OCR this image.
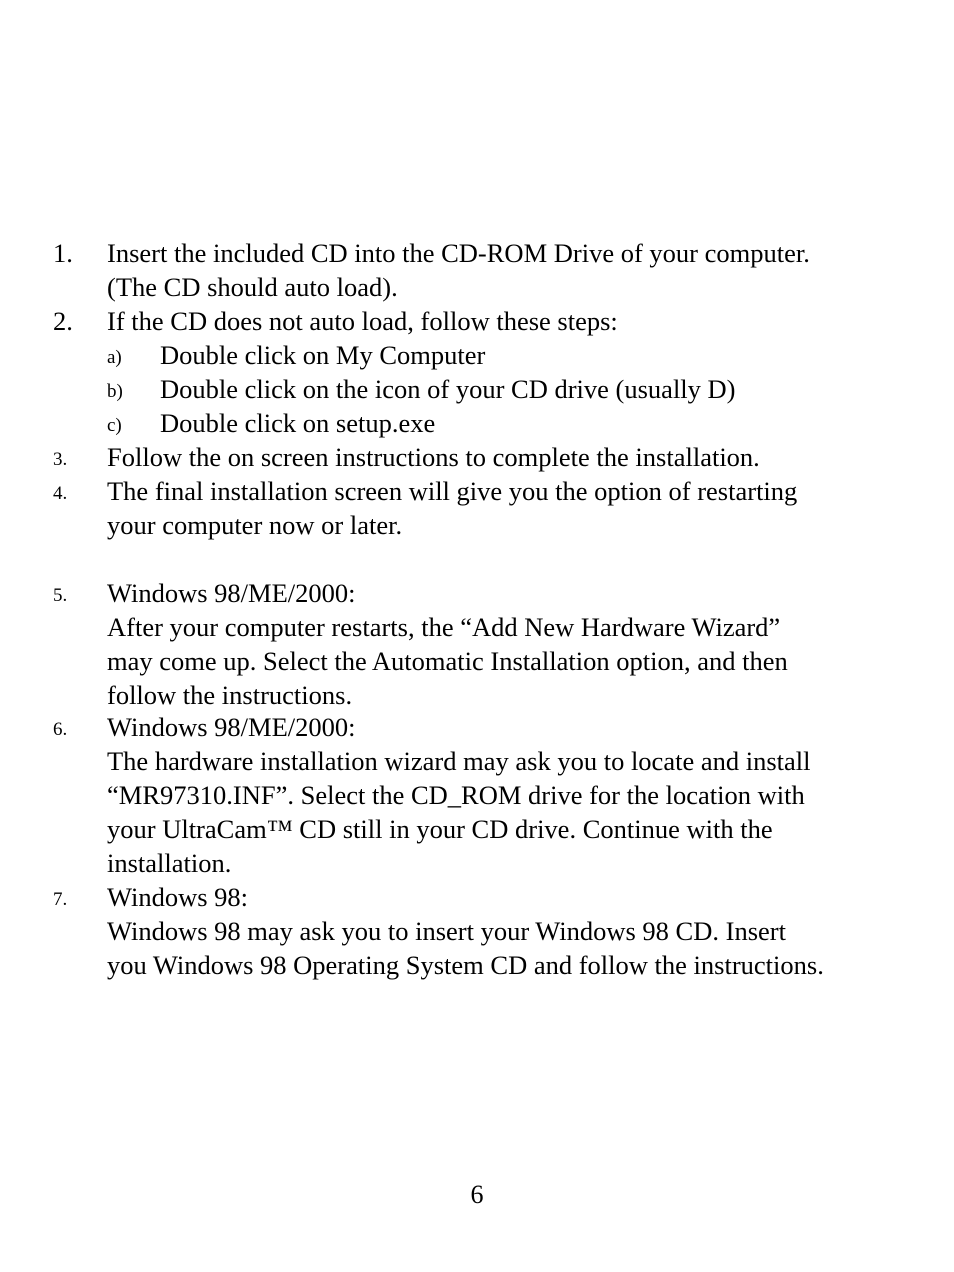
1. Insert the included CD into the CD-ROM Drive of your computer.
(The CD should auto load).
2. If the CD does not auto load, follow these steps:
a) Double click on My Computer
b) Double click on the icon of your CD drive (usually D)
c) Double click on setup.exe
3. Follow the on screen instructions to complete the installation.
4. The final installation screen will give you the option of restarting
your computer now or later.
5. Windows 98/ME/2000:
After your computer restarts, the “Add New Hardware Wizard”
may come up. Select the Automatic Installation option, and then
follow the instructions.
6. Windows 98/ME/2000:
The hardware installation wizard may ask you to locate and install
“MR97310.INF”. Select the CD_ROM drive for the location with
your UltraCam™ CD still in your CD drive. Continue with the
installation.
7. Windows 98:
Windows 98 may ask you to insert your Windows 98 CD. Insert
you Windows 98 Operating System CD and follow the instructions.
6
